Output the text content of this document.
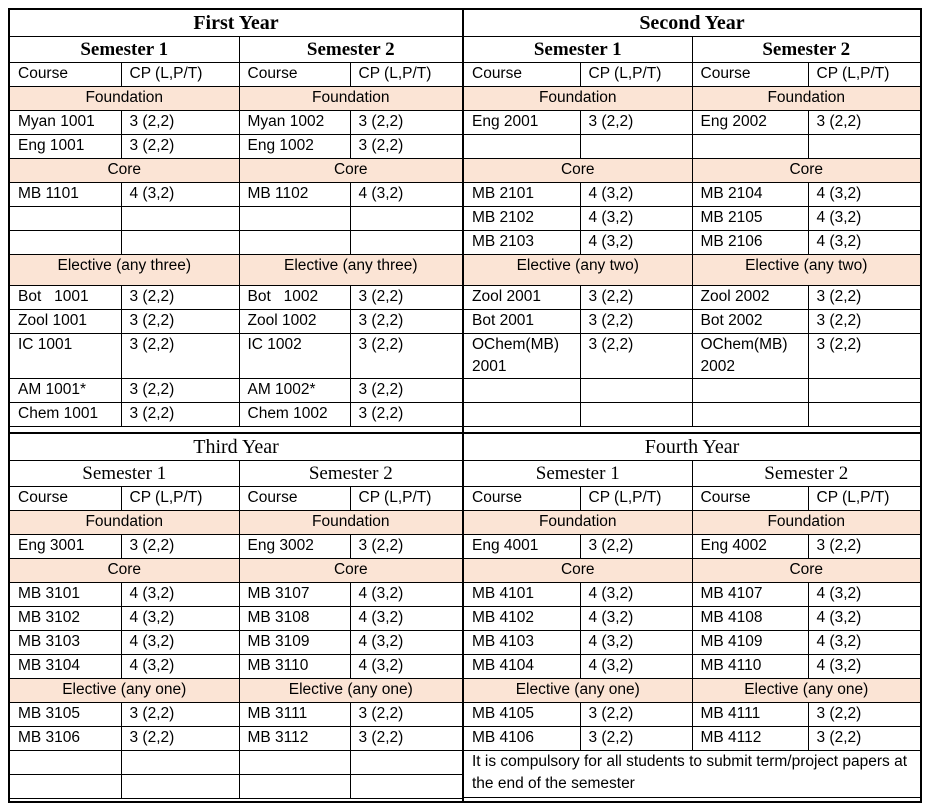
First Year			
Semester 1		Semester 2	
Course	CP (L,P/T)	Course	CP (L,P/T)
Foundation		Foundation	
Myan 1001	3 (2,2)	Myan 1002	3 (2,2)
Eng 1001	3 (2,2)	Eng 1002	3 (2,2)
Core		Core	
MB 1101	4 (3,2)	MB 1102	4 (3,2)

Elective (any three)		Elective (any three)	
Bot   1001	3 (2,2)	Bot   1002	3 (2,2)
Zool 1001	3 (2,2)	Zool 1002	3 (2,2)
IC 1001	3 (2,2)	IC 1002	3 (2,2)
AM 1001*	3 (2,2)	AM 1002*	3 (2,2)
Chem 1001	3 (2,2)	Chem 1002	3 (2,2)
Second Year			
Semester 1		Semester 2	
Course	CP (L,P/T)	Course	CP (L,P/T)
Foundation		Foundation	
Eng 2001	3 (2,2)	Eng 2002	3 (2,2)

Core		Core	
MB 2101	4 (3,2)	MB 2104	4 (3,2)
MB 2102	4 (3,2)	MB 2105	4 (3,2)
MB 2103	4 (3,2)	MB 2106	4 (3,2)
Elective (any two)		Elective (any two)	
Zool 2001	3 (2,2)	Zool 2002	3 (2,2)
Bot 2001	3 (2,2)	Bot 2002	3 (2,2)
OChem(MB) 2001	3 (2,2)	OChem(MB) 2002	3 (2,2)

Third Year			
Semester 1		Semester 2	
Course	CP (L,P/T)	Course	CP (L,P/T)
Foundation		Foundation	
Eng 3001	3 (2,2)	Eng 3002	3 (2,2)
Core		Core	
MB 3101	4 (3,2)	MB 3107	4 (3,2)
MB 3102	4 (3,2)	MB 3108	4 (3,2)
MB 3103	4 (3,2)	MB 3109	4 (3,2)
MB 3104	4 (3,2)	MB 3110	4 (3,2)
Elective (any one)		Elective (any one)	
MB 3105	3 (2,2)	MB 3111	3 (2,2)
MB 3106	3 (2,2)	MB 3112	3 (2,2)

Fourth Year			
Semester 1		Semester 2	
Course	CP (L,P/T)	Course	CP (L,P/T)
Foundation		Foundation	
Eng 4001	3 (2,2)	Eng 4002	3 (2,2)
Core		Core	
MB 4101	4 (3,2)	MB 4107	4 (3,2)
MB 4102	4 (3,2)	MB 4108	4 (3,2)
MB 4103	4 (3,2)	MB 4109	4 (3,2)
MB 4104	4 (3,2)	MB 4110	4 (3,2)
Elective (any one)		Elective (any one)	
MB 4105	3 (2,2)	MB 4111	3 (2,2)
MB 4106	3 (2,2)	MB 4112	3 (2,2)
It is compulsory for all students to submit term/project papers at the end of the semester			
